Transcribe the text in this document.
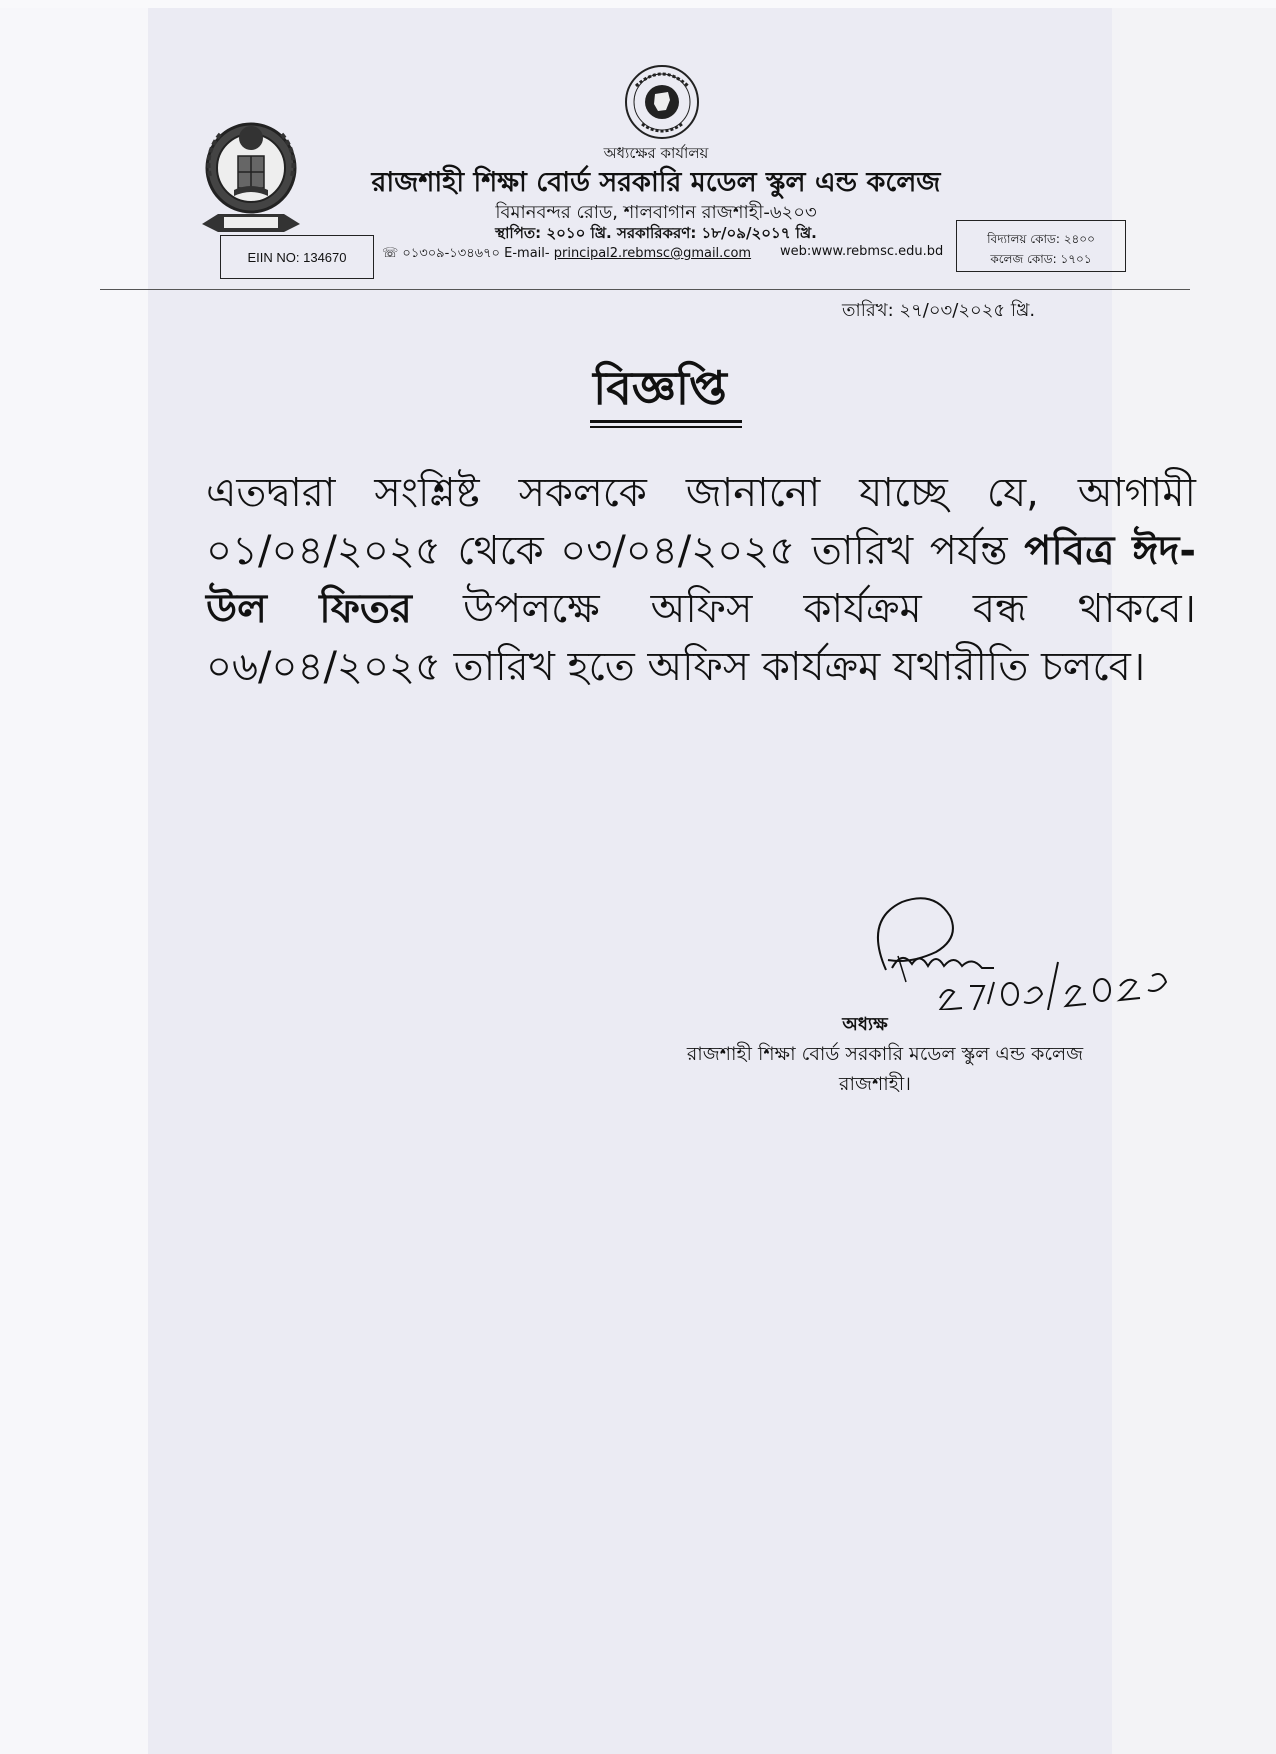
অধ্যক্ষের কার্যালয়
রাজশাহী শিক্ষা বোর্ড সরকারি মডেল স্কুল এন্ড কলেজ
বিমানবন্দর রোড, শালবাগান রাজশাহী-৬২০৩
স্থাপিত: ২০১০ খ্রি. সরকারিকরণ: ১৮/০৯/২০১৭ খ্রি.
☏ ০১৩০৯-১৩৪৬৭০ E-mail- principal2.rebmsc@gmail.com web:www.rebmsc.edu.bd
EIIN NO: 134670
বিদ্যালয় কোড: ২৪০০
কলেজ কোড: ১৭০১
তারিখ: ২৭/০৩/২০২৫ খ্রি.
বিজ্ঞপ্তি
এতদ্বারা সংশ্লিষ্ট সকলকে জানানো যাচ্ছে যে, আগামী ০১/০৪/২০২৫ থেকে ০৩/০৪/২০২৫ তারিখ পর্যন্ত পবিত্র ঈদ-উল ফিতর উপলক্ষে অফিস কার্যক্রম বন্ধ থাকবে। ০৬/০৪/২০২৫ তারিখ হতে অফিস কার্যক্রম যথারীতি চলবে।
অধ্যক্ষ
রাজশাহী শিক্ষা বোর্ড সরকারি মডেল স্কুল এন্ড কলেজ
রাজশাহী।
